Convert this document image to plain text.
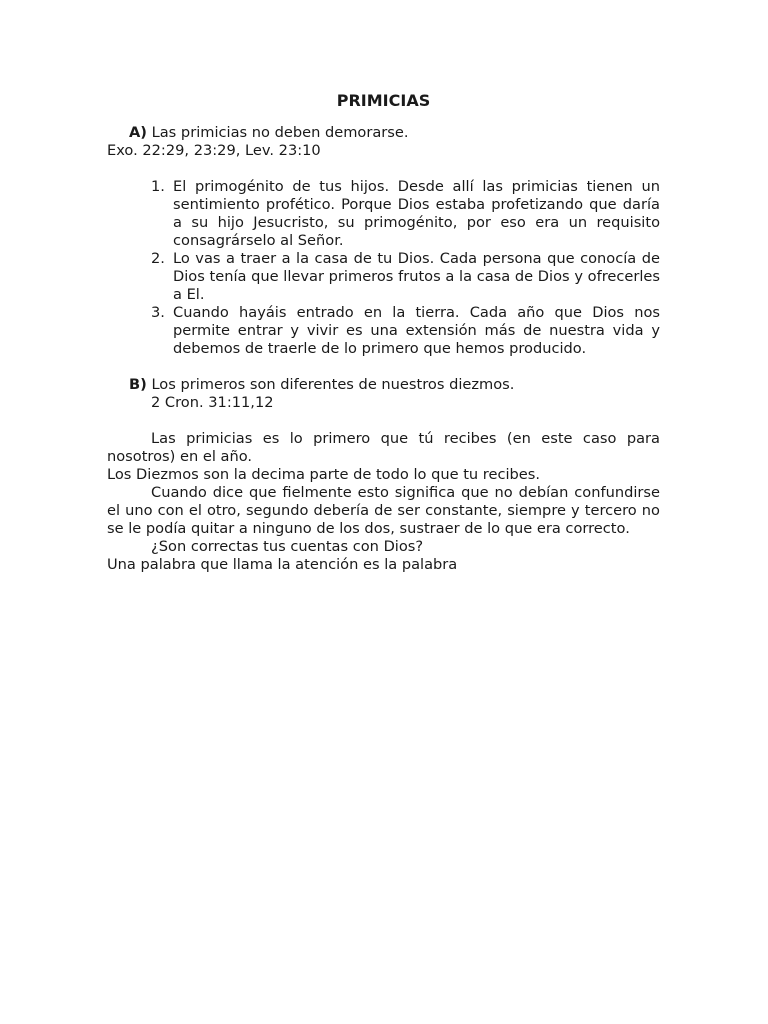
PRIMICIAS

A) Las primicias no deben demorarse.

Exo. 22:29, 23:29, Lev. 23:10

1. El primogénito de tus hijos. Desde allí las primicias tienen un sentimiento profético. Porque Dios estaba profetizando que daría a su hijo Jesucristo, su primogénito, por eso era un requisito consagrárselo al Señor.
2. Lo vas a traer a la casa de tu Dios. Cada persona que conocía de Dios tenía que llevar primeros frutos a la casa de Dios y ofrecerles a El.
3. Cuando hayáis entrado en la tierra. Cada año que Dios nos permite entrar y vivir es una extensión más de nuestra vida y debemos de traerle de lo primero que hemos producido.

B) Los primeros son diferentes de nuestros diezmos.

2 Cron. 31:11,12

Las primicias es lo primero que tú recibes (en este caso para nosotros) en el año.

Los Diezmos son la decima parte de todo lo que tu recibes.

Cuando dice que fielmente esto significa que no debían confundirse el uno con el otro, segundo debería de ser constante, siempre y tercero no se le podía quitar a ninguno de los dos, sustraer de lo que era correcto.

¿Son correctas tus cuentas con Dios?

Una palabra que llama la atención es la palabra
